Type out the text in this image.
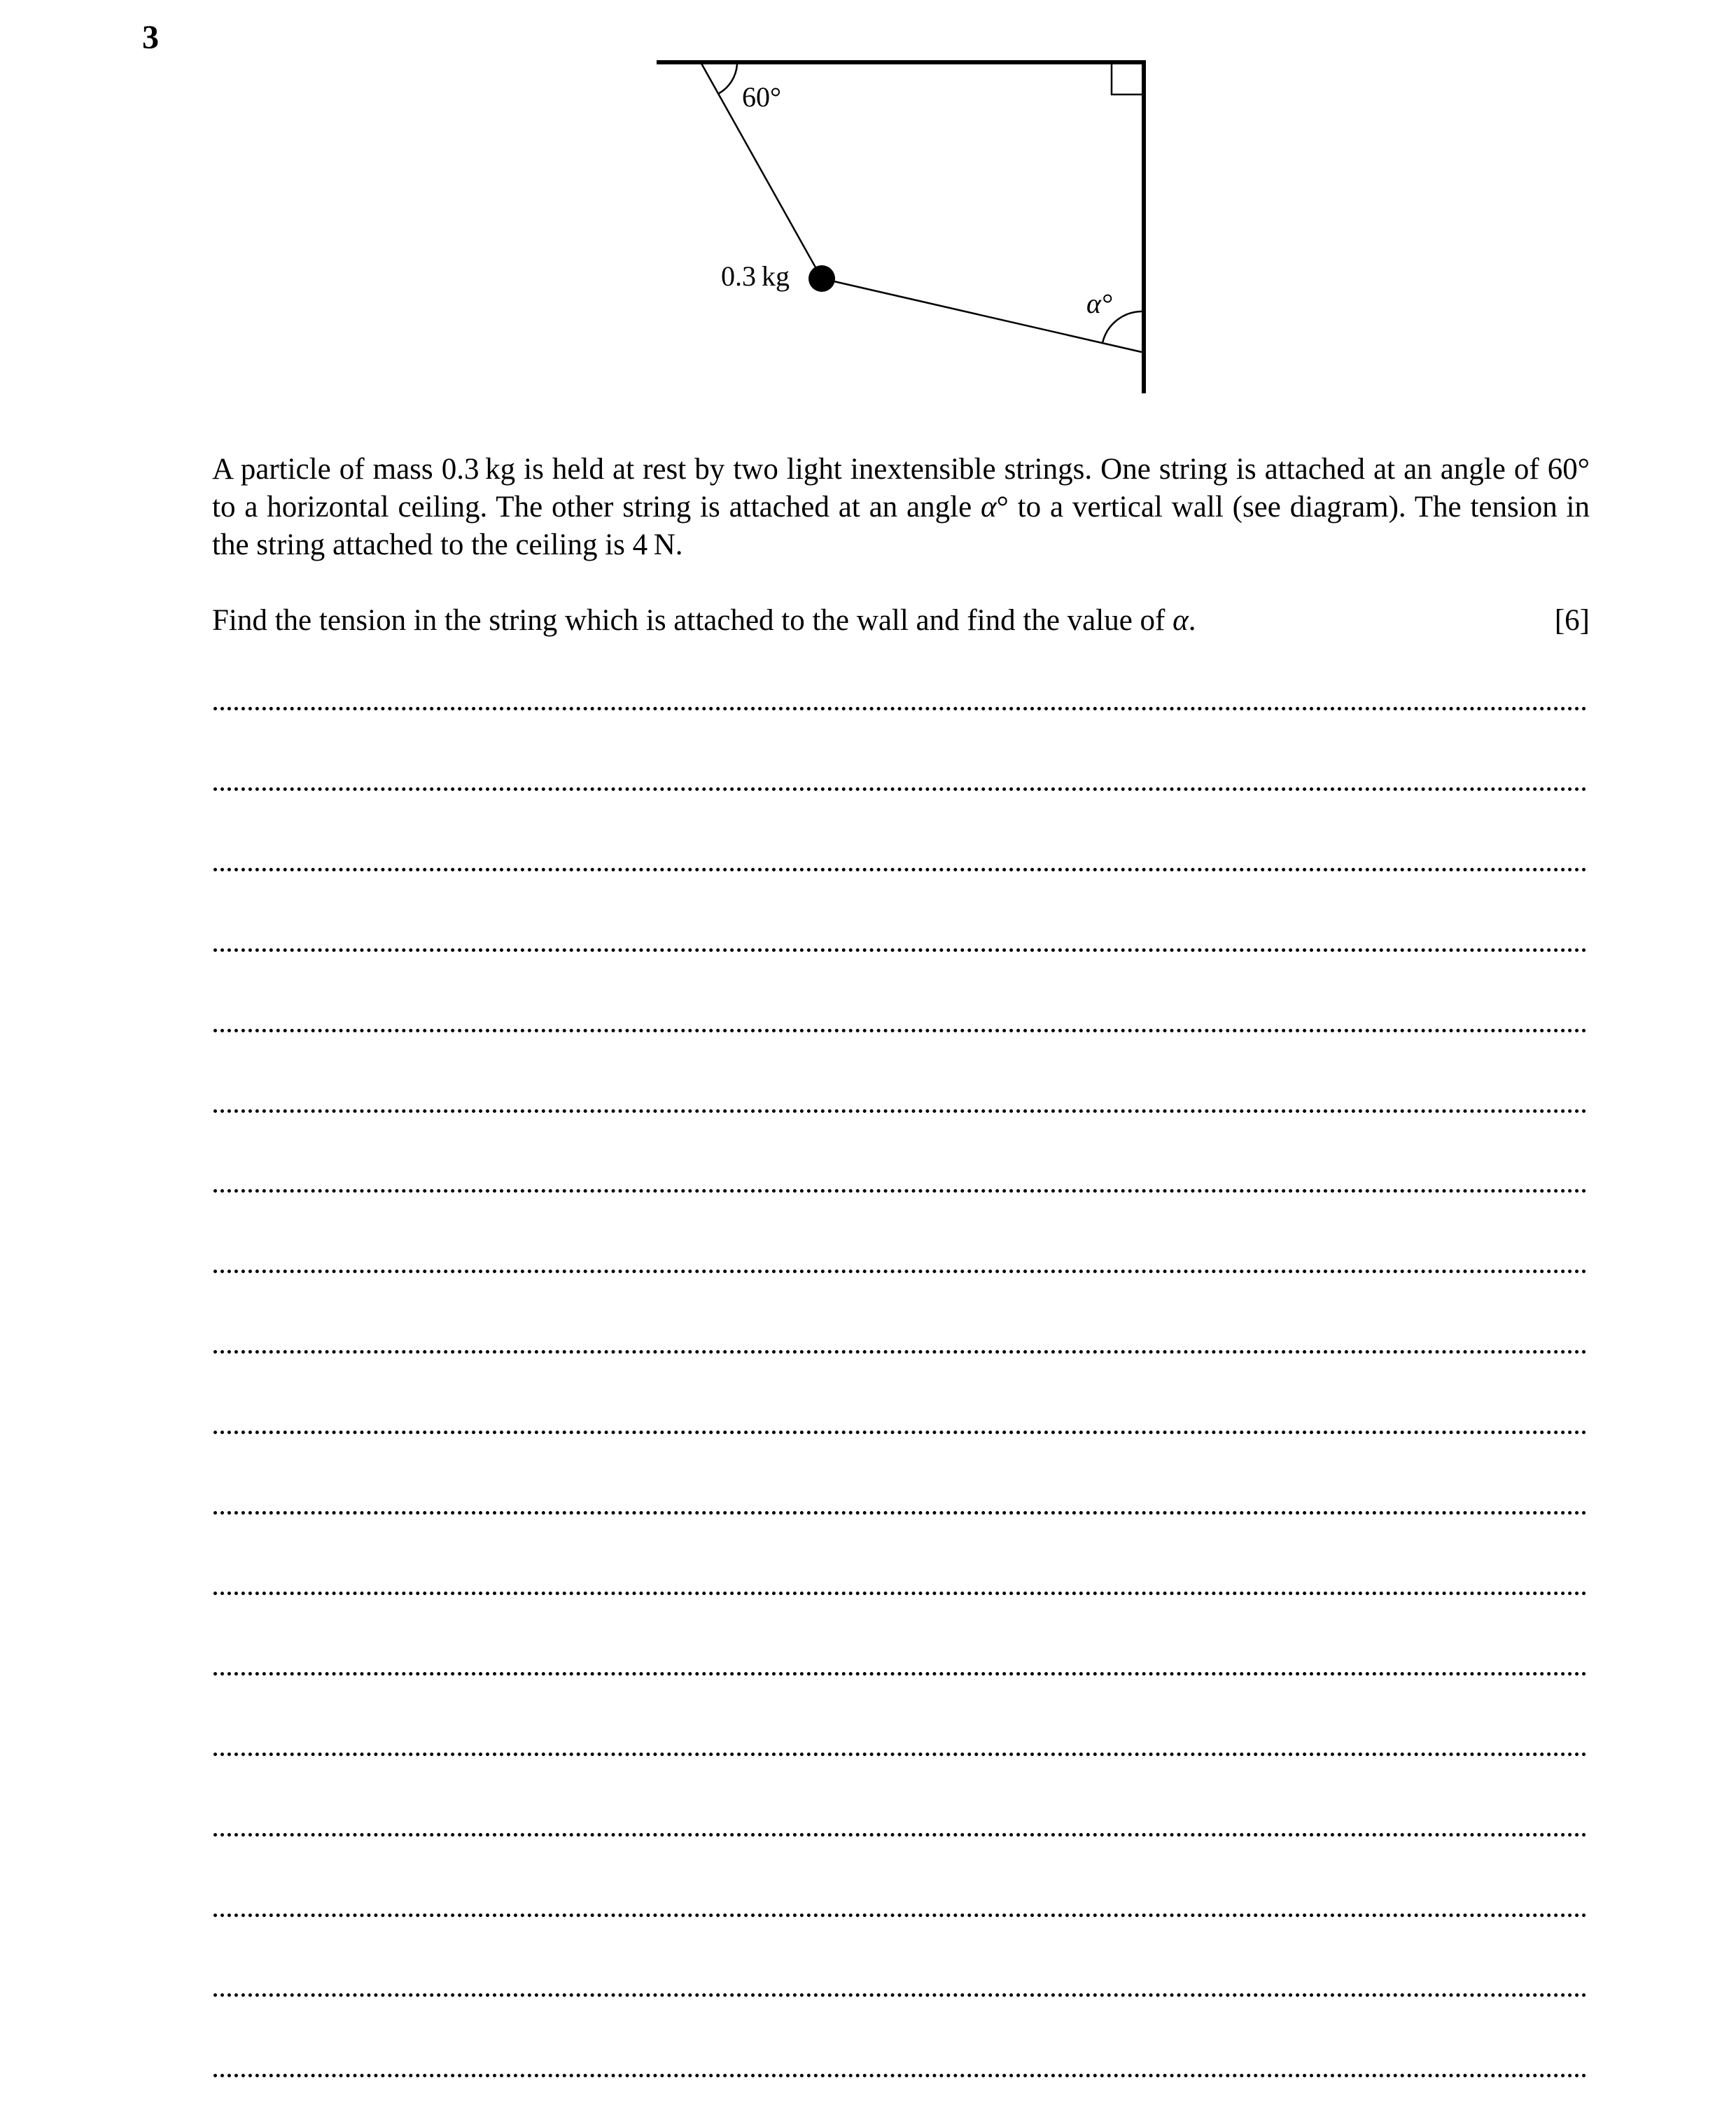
3
60°
0.3 kg
α°

A particle of mass 0.3 kg is held at rest by two light inextensible strings. One string is attached at an angle of 60° to a horizontal ceiling. The other string is attached at an angle α° to a vertical wall (see diagram). The tension in the string attached to the ceiling is 4 N.

Find the tension in the string which is attached to the wall and find the value of α.	[6]
